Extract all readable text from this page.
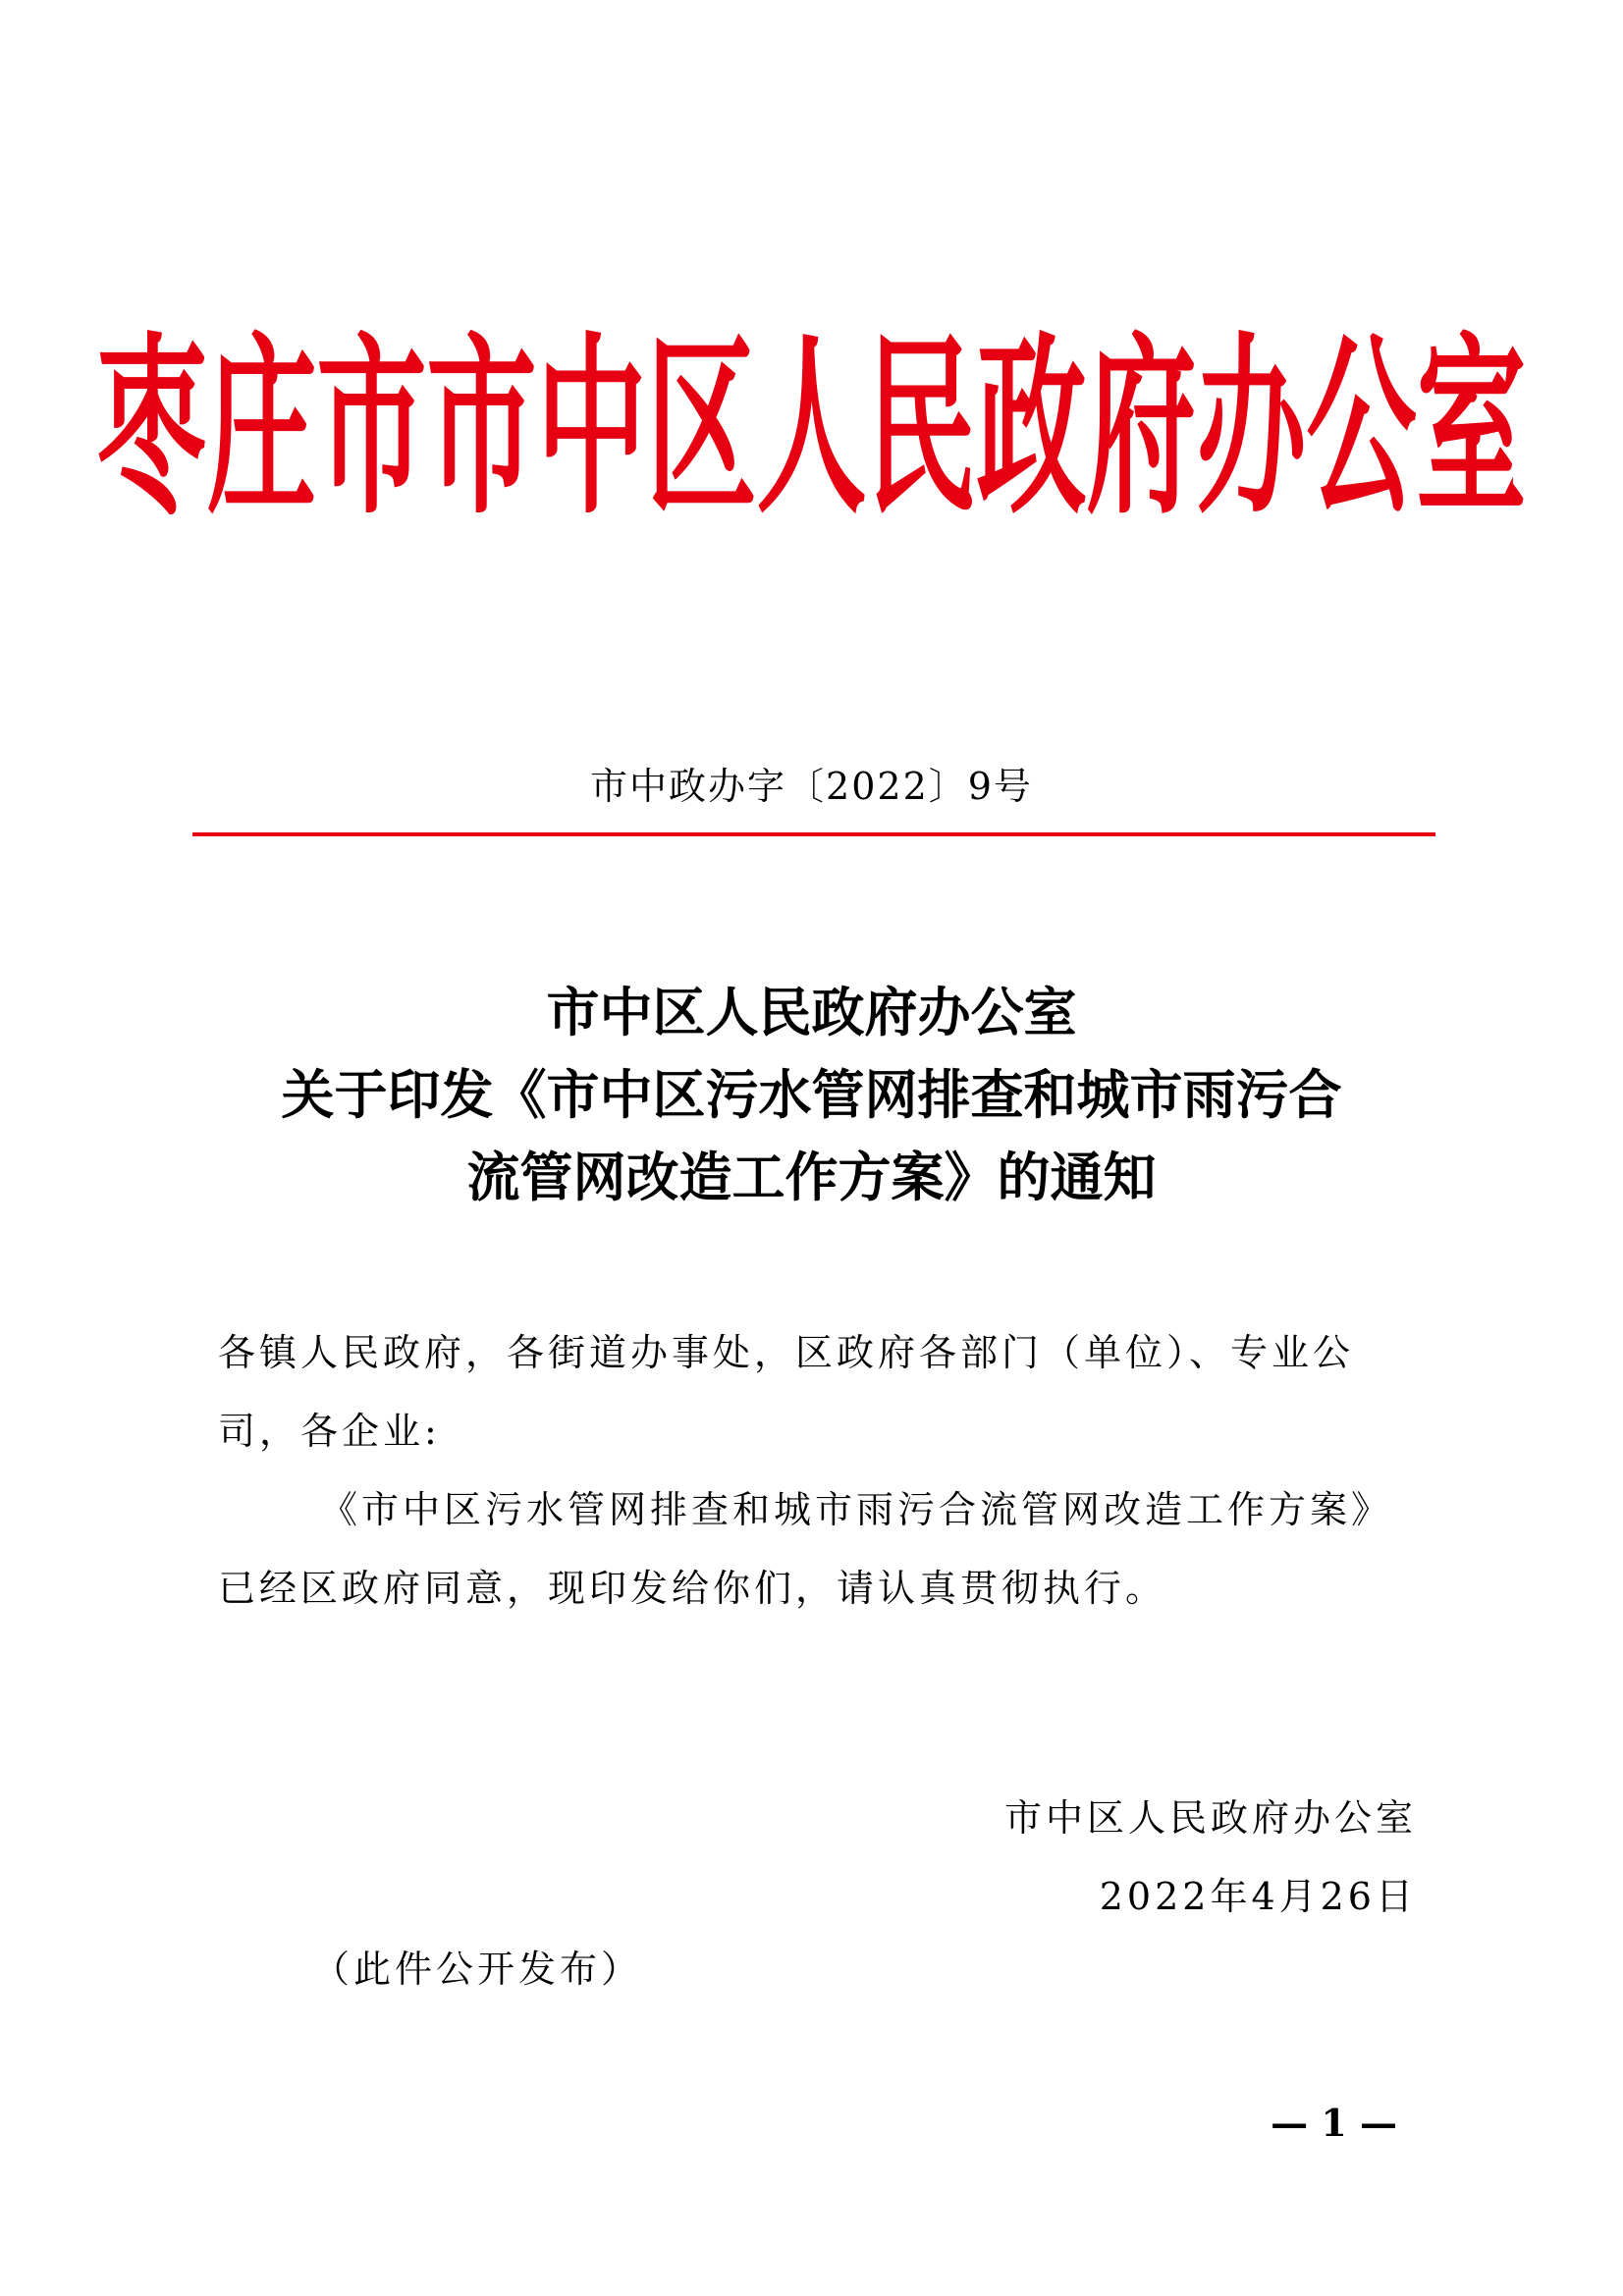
枣庄市市中区人民政府办公室
市中政办字〔2022〕9号
市中区人民政府办公室
关于印发《市中区污水管网排查和城市雨污合
流管网改造工作方案》的通知
各镇人民政府，各街道办事处，区政府各部门（单位）、专业公司，各企业:
《市中区污水管网排查和城市雨污合流管网改造工作方案》已经区政府同意，现印发给你们，请认真贯彻执行。
市中区人民政府办公室
2022年4月26日
（此件公开发布）
— 1 —
